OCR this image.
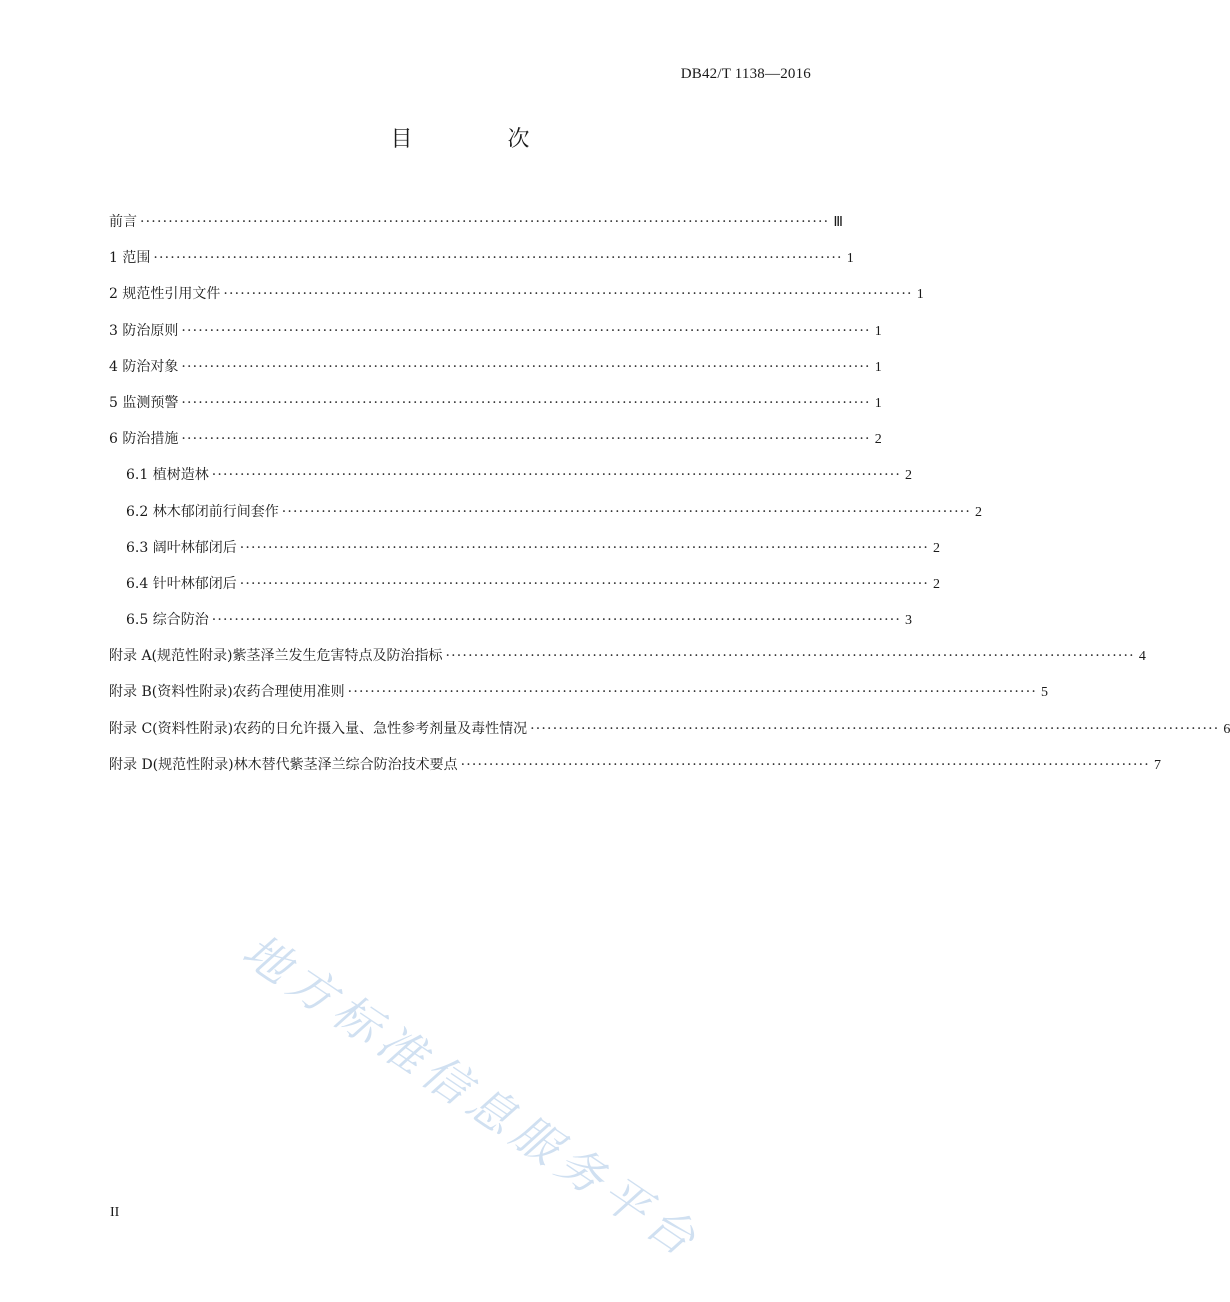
DB42/T 1138—2016
目 次
前言 ·························································································································· Ⅲ
1 范围 ·························································································································· 1
2 规范性引用文件 ·························································································································· 1
3 防治原则 ·························································································································· 1
4 防治对象 ·························································································································· 1
5 监测预警 ·························································································································· 1
6 防治措施 ·························································································································· 2
6.1 植树造林 ·························································································································· 2
6.2 林木郁闭前行间套作 ·························································································································· 2
6.3 阔叶林郁闭后 ·························································································································· 2
6.4 针叶林郁闭后 ·························································································································· 2
6.5 综合防治 ·························································································································· 3
附录 A(规范性附录)紫茎泽兰发生危害特点及防治指标 ·························································································································· 4
附录 B(资料性附录)农药合理使用准则 ·························································································································· 5
附录 C(资料性附录)农药的日允许摄入量、急性参考剂量及毒性情况 ·························································································································· 6
附录 D(规范性附录)林木替代紫茎泽兰综合防治技术要点 ·························································································································· 7
地方标准信息服务平台
II
